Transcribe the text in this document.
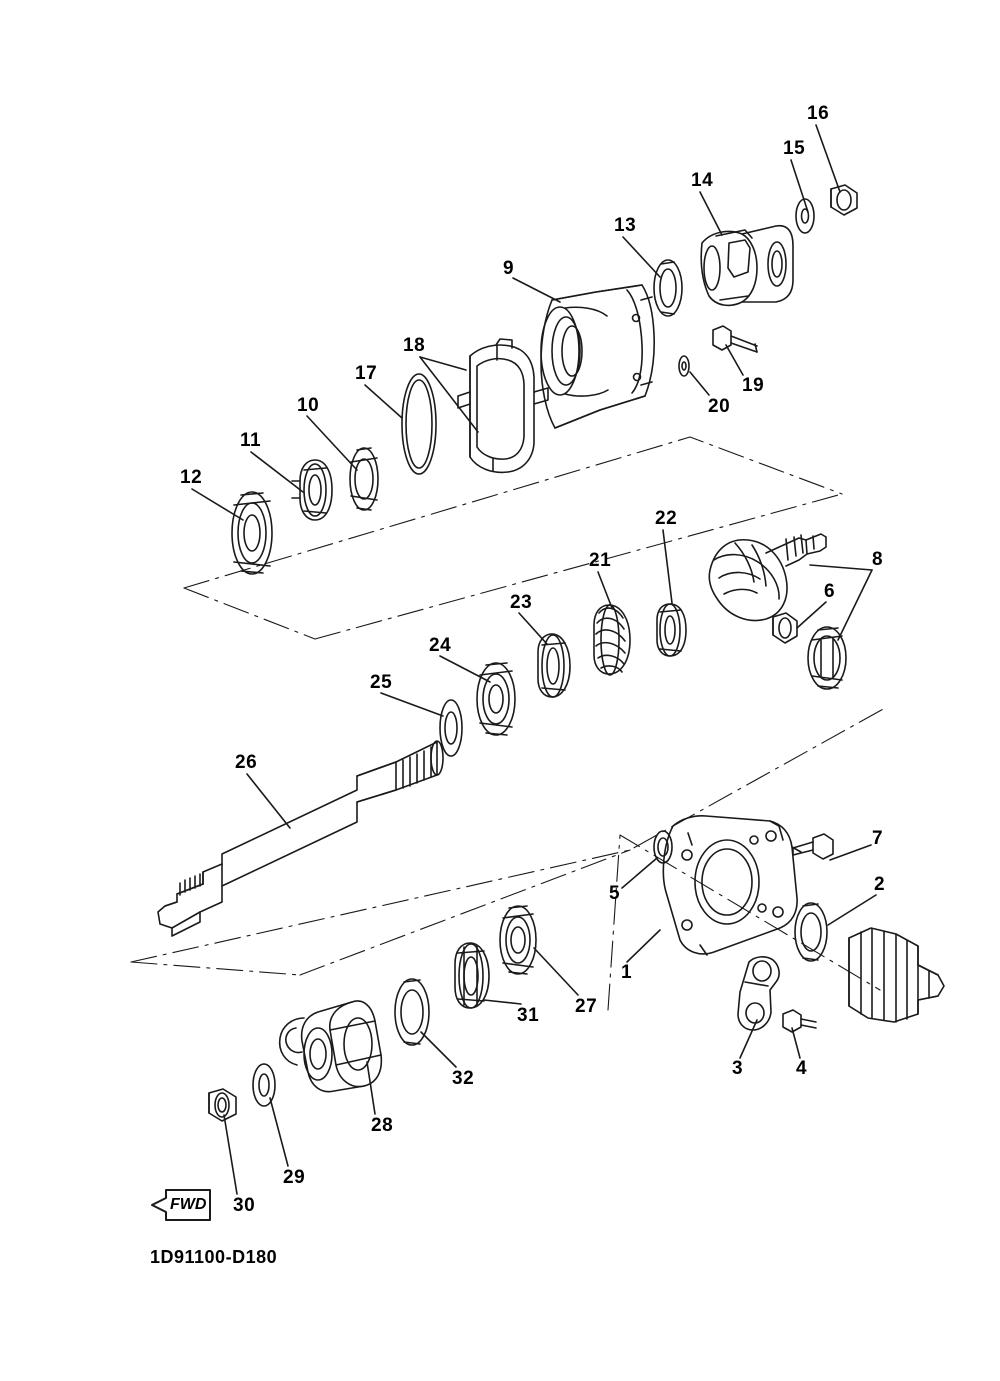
1
2
3	4
5
6
7
8
9
10
11
12
13
14
15
16
17
18
19
20
21
22
23
24
25
26
27
28
29
30
31
32
FWD
1D91100-D180
